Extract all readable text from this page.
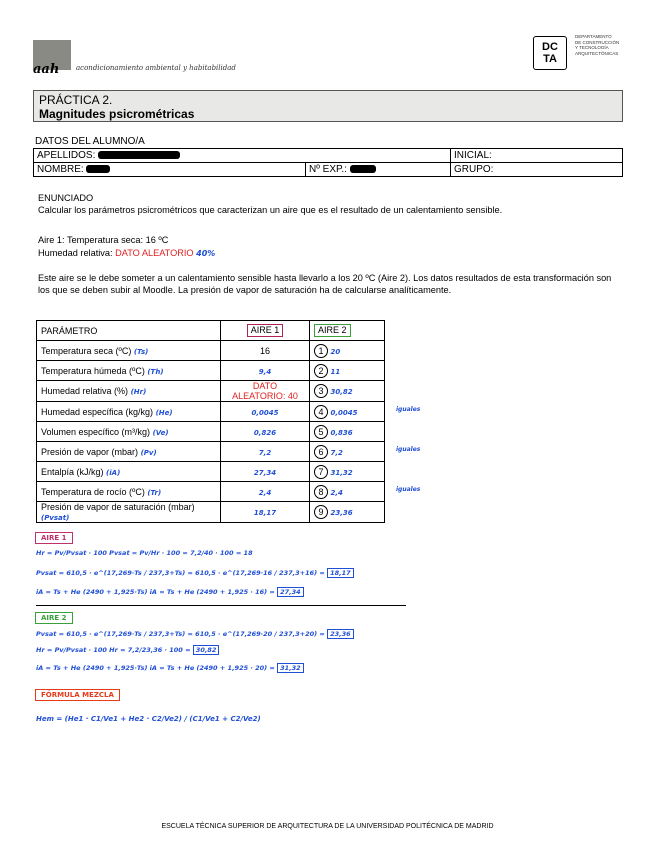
aah acondicionamiento ambiental y habitabilidad
DC
TA
DEPARTAMENTO
DE CONSTRUCCIÓN
Y TECNOLOGÍA
ARQUITECTÓNICAS
PRÁCTICA 2.
Magnitudes psicrométricas
DATOS DEL ALUMNO/A
APELLIDOS:		INICIAL:
NOMBRE:	Nº EXP.:	GRUPO:
ENUNCIADO
Calcular los parámetros psicrométricos que caracterizan un aire que es el resultado de un calentamiento sensible.
Aire 1: Temperatura seca: 16 ºC
Humedad relativa: DATO ALEATORIO 40%
Este aire se le debe someter a un calentamiento sensible hasta llevarlo a los 20 ºC (Aire 2). Los datos resultados de esta transformación son los que se deben subir al Moodle. La presión de vapor de saturación ha de calcularse analíticamente.
PARÁMETRO	AIRE 1	AIRE 2
Temperatura seca (ºC) (Ts)	16	1 20

Temperatura húmeda (ºC) (Th)	9,4	2 11

Humedad relativa (%) (Hr)	DATO ALEATORIO: 40	3 30,82

Humedad específica (kg/kg) (He)	0,0045	4 0,0045 iguales

Volumen específico (m³/kg) (Ve)	0,826	5 0,836

Presión de vapor (mbar) (Pv)	7,2	6 7,2 iguales

Entalpía (kJ/kg) (iA)	27,34	7 31,32

Temperatura de rocío (ºC) (Tr)	2,4	8 2,4 iguales

Presión de vapor de saturación (mbar) (Pvsat)	18,17	9 23,36
AIRE 1
Hr = Pv/Pvsat · 100 Pvsat = Pv/Hr · 100 = 7,2/40 · 100 = 18
Pvsat = 610,5 · e^(17,269·Ts / 237,3+Ts) = 610,5 · e^(17,269·16 / 237,3+16) = 18,17
iA = Ts + He (2490 + 1,925·Ts) iA = Ts + He (2490 + 1,925 · 16) = 27,34
AIRE 2
Pvsat = 610,5 · e^(17,269·Ts / 237,3+Ts) = 610,5 · e^(17,269·20 / 237,3+20) = 23,36
Hr = Pv/Pvsat · 100 Hr = 7,2/23,36 · 100 = 30,82
iA = Ts + He (2490 + 1,925·Ts) iA = Ts + He (2490 + 1,925 · 20) = 31,32
FÓRMULA MEZCLA
Hem = (He1 · C1/Ve1 + He2 · C2/Ve2) / (C1/Ve1 + C2/Ve2)
ESCUELA TÉCNICA SUPERIOR DE ARQUITECTURA DE LA UNIVERSIDAD POLITÉCNICA DE MADRID
